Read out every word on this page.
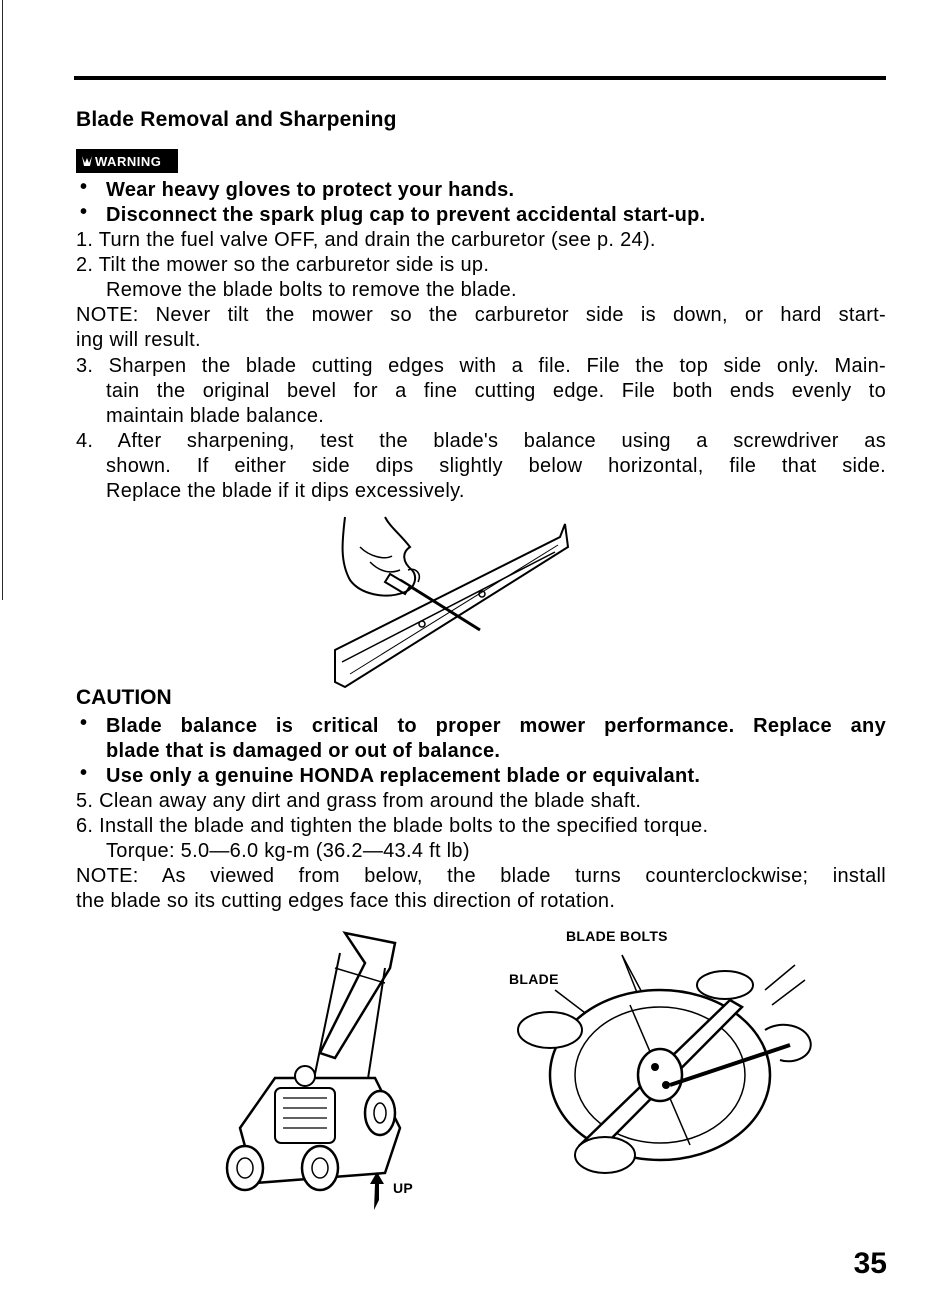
Blade Removal and Sharpening
WARNING
• Wear heavy gloves to protect your hands.
• Disconnect the spark plug cap to prevent accidental start-up.
1. Turn the fuel valve OFF, and drain the carburetor (see p. 24).
2. Tilt the mower so the carburetor side is up.
Remove the blade bolts to remove the blade.
NOTE: Never tilt the mower so the carburetor side is down, or hard start-
ing will result.
3. Sharpen the blade cutting edges with a file. File the top side only. Main-
tain the original bevel for a fine cutting edge. File both ends evenly to
maintain blade balance.
4. After sharpening, test the blade's balance using a screwdriver as
shown. If either side dips slightly below horizontal, file that side.
Replace the blade if it dips excessively.
CAUTION
• Blade balance is critical to proper mower performance. Replace any
blade that is damaged or out of balance.
• Use only a genuine HONDA replacement blade or equivalant.
5. Clean away any dirt and grass from around the blade shaft.
6. Install the blade and tighten the blade bolts to the specified torque.
Torque: 5.0—6.0 kg-m (36.2—43.4 ft lb)
NOTE: As viewed from below, the blade turns counterclockwise; install
the blade so its cutting edges face this direction of rotation.
UP
BLADE BOLTS
BLADE
35
